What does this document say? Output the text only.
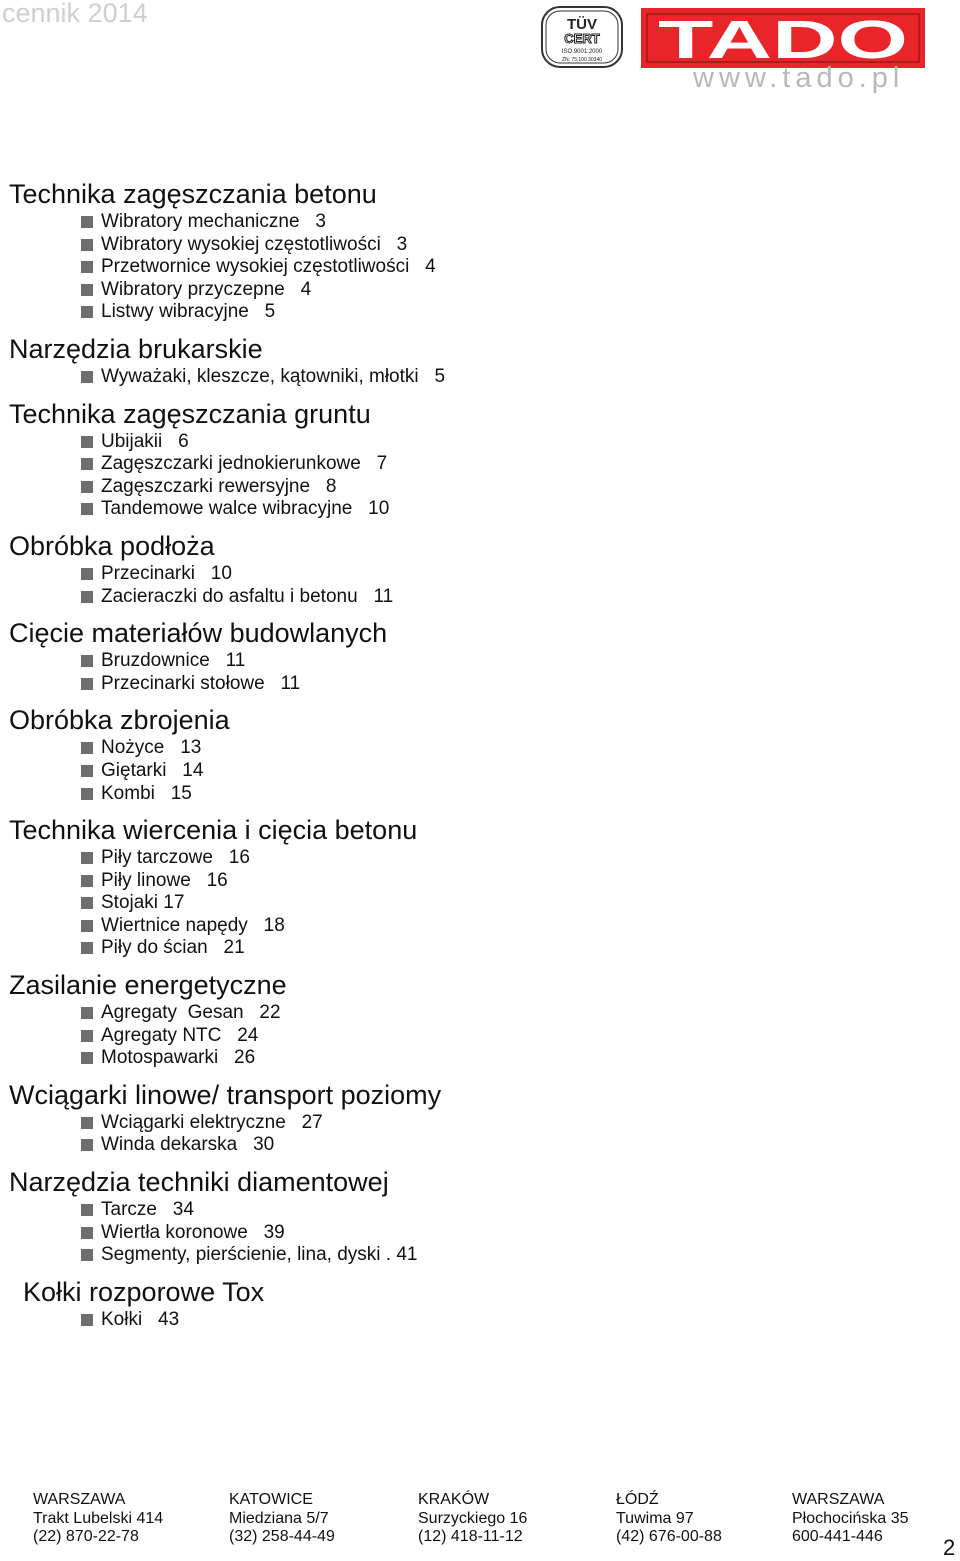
cennik 2014	TÜV
CERT
ISO 9001:2000
ZN: 75.100.30340 TADO
www.tado.pl
Technika zagęszczania betonu
Wibratory mechaniczne   3
Wibratory wysokiej częstotliwości   3
Przetwornice wysokiej częstotliwości   4
Wibratory przyczepne   4
Listwy wibracyjne   5
Narzędzia brukarskie
Wyważaki, kleszcze, kątowniki, młotki   5
Technika zagęszczania gruntu
Ubijakii   6
Zagęszczarki jednokierunkowe   7
Zagęszczarki rewersyjne   8
Tandemowe walce wibracyjne   10
Obróbka podłoża
Przecinarki   10
Zacieraczki do asfaltu i betonu   11
Cięcie materiałów budowlanych
Bruzdownice   11
Przecinarki stołowe   11
Obróbka zbrojenia
Nożyce   13
Giętarki   14
Kombi   15
Technika wiercenia i cięcia betonu
Piły tarczowe   16
Piły linowe   16
Stojaki 17
Wiertnice napędy   18
Piły do ścian   21
Zasilanie energetyczne
Agregaty  Gesan   22
Agregaty NTC   24
Motospawarki   26
Wciągarki linowe/ transport poziomy
Wciągarki elektryczne   27
Winda dekarska   30
Narzędzia techniki diamentowej
Tarcze   34
Wiertła koronowe   39
Segmenty, pierścienie, lina, dyski . 41
Kołki rozporowe Tox
Kołki   43
WARSZAWA
Trakt Lubelski 414
(22) 870-22-78
KATOWICE
Miedziana 5/7
(32) 258-44-49
KRAKÓW
Surzyckiego 16
(12) 418-11-12
ŁÓDŹ
Tuwima 97
(42) 676-00-88
WARSZAWA
Płochocińska 35
600-441-446	2
